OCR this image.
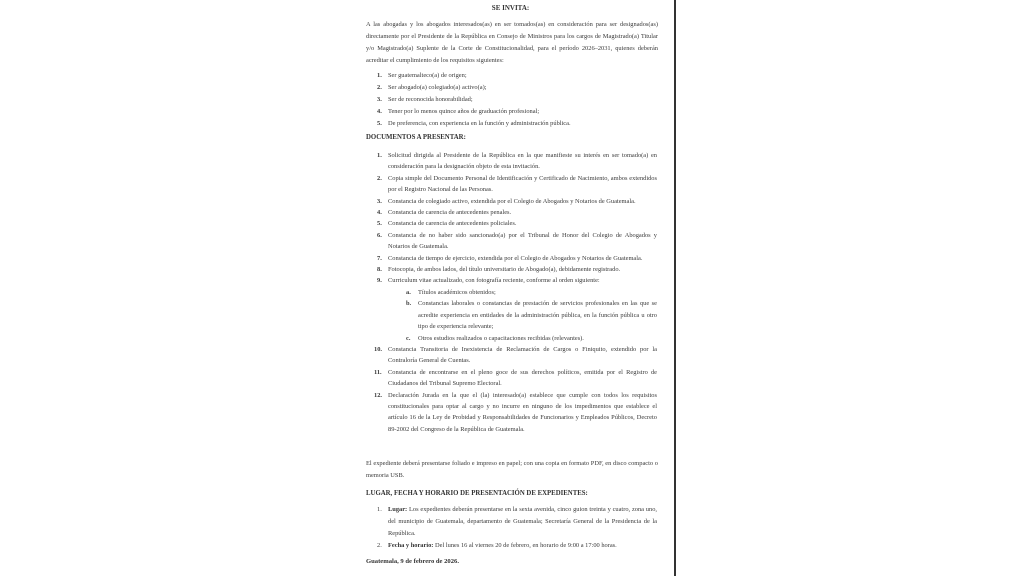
SE INVITA:
A las abogadas y los abogados interesados(as) en ser tomados(as) en consideración para ser designados(as) directamente por el Presidente de la República en Consejo de Ministros para los cargos de Magistrado(a) Titular y/o Magistrado(a) Suplente de la Corte de Constitucionalidad, para el período 2026–2031, quienes deberán acreditar el cumplimiento de los requisitos siguientes:
1. Ser guatemalteco(a) de origen;
2. Ser abogado(a) colegiado(a) activo(a);
3. Ser de reconocida honorabilidad;
4. Tener por lo menos quince años de graduación profesional;
5. De preferencia, con experiencia en la función y administración pública.
DOCUMENTOS A PRESENTAR:
1. Solicitud dirigida al Presidente de la República en la que manifieste su interés en ser tomado(a) en consideración para la designación objeto de esta invitación.
2. Copia simple del Documento Personal de Identificación y Certificado de Nacimiento, ambos extendidos por el Registro Nacional de las Personas.
3. Constancia de colegiado activo, extendida por el Colegio de Abogados y Notarios de Guatemala.
4. Constancia de carencia de antecedentes penales.
5. Constancia de carencia de antecedentes policiales.
6. Constancia de no haber sido sancionado(a) por el Tribunal de Honor del Colegio de Abogados y Notarios de Guatemala.
7. Constancia de tiempo de ejercicio, extendida por el Colegio de Abogados y Notarios de Guatemala.
8. Fotocopia, de ambos lados, del título universitario de Abogado(a), debidamente registrado.
9. Curriculum vitae actualizado, con fotografía reciente, conforme al orden siguiente:
a. Títulos académicos obtenidos;
b. Constancias laborales o constancias de prestación de servicios profesionales en las que se acredite experiencia en entidades de la administración pública, en la función pública u otro tipo de experiencia relevante;
c. Otros estudios realizados o capacitaciones recibidas (relevantes).
10. Constancia Transitoria de Inexistencia de Reclamación de Cargos o Finiquito, extendido por la Contraloría General de Cuentas.
11. Constancia de encontrarse en el pleno goce de sus derechos políticos, emitida por el Registro de Ciudadanos del Tribunal Supremo Electoral.
12. Declaración Jurada en la que el (la) interesado(a) establece que cumple con todos los requisitos constitucionales para optar al cargo y no incurre en ninguno de los impedimentos que establece el artículo 16 de la Ley de Probidad y Responsabilidades de Funcionarios y Empleados Públicos, Decreto 89-2002 del Congreso de la República de Guatemala.
El expediente deberá presentarse foliado e impreso en papel; con una copia en formato PDF, en disco compacto o memoria USB.
LUGAR, FECHA Y HORARIO DE PRESENTACIÓN DE EXPEDIENTES:
1. Lugar: Los expedientes deberán presentarse en la sexta avenida, cinco guion treinta y cuatro, zona uno, del municipio de Guatemala, departamento de Guatemala; Secretaría General de la Presidencia de la República.
2. Fecha y horario: Del lunes 16 al viernes 20 de febrero, en horario de 9:00 a 17:00 horas.
Guatemala, 9 de febrero de 2026.
